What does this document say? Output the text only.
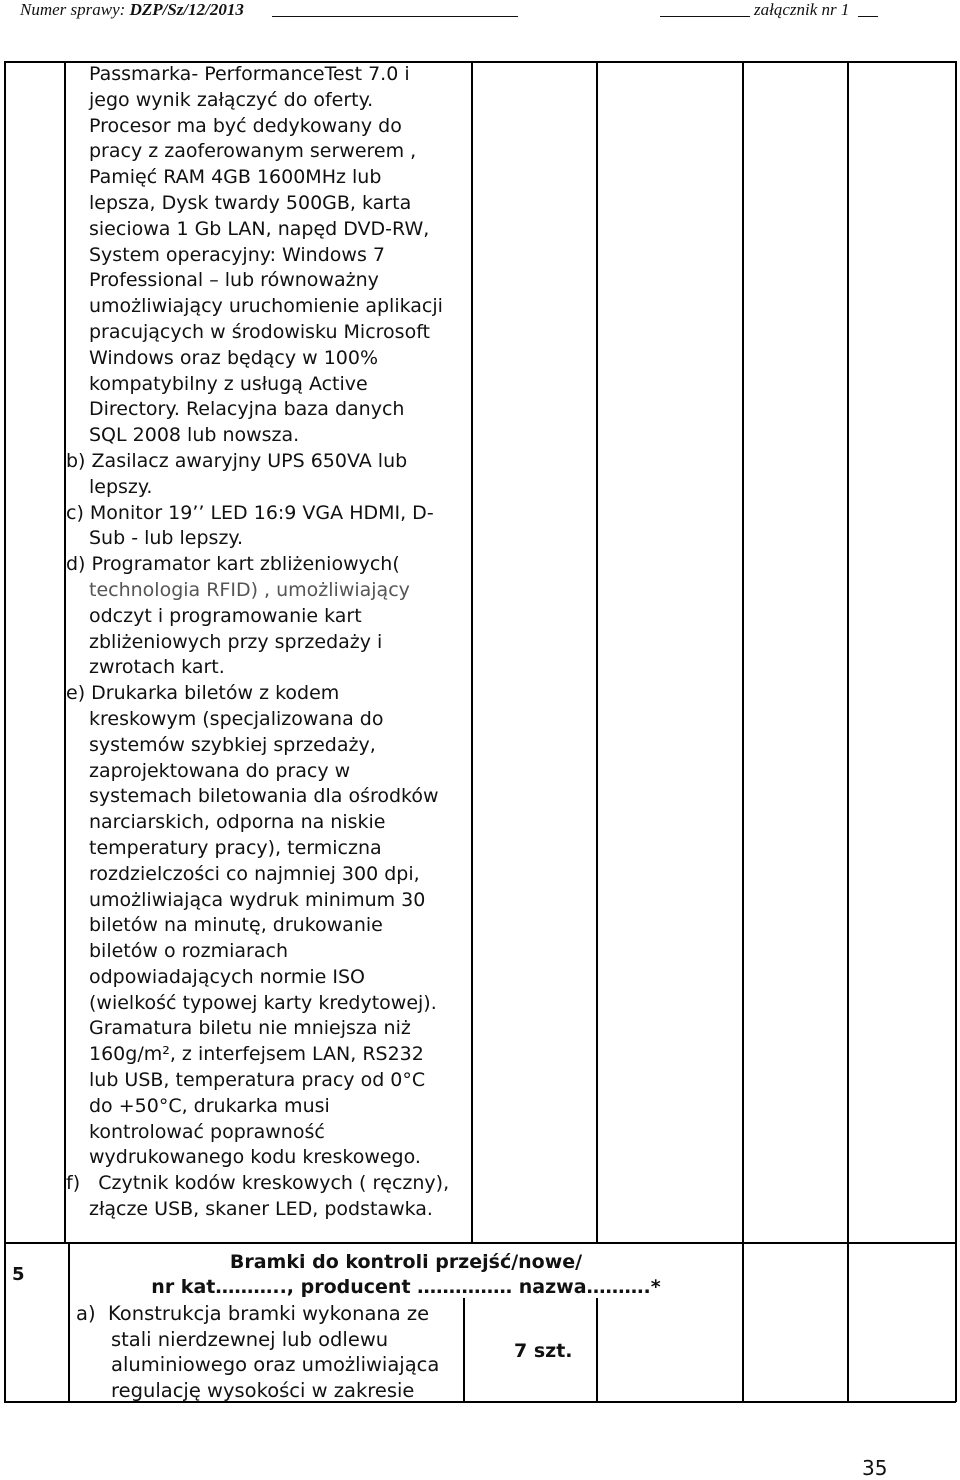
Numer sprawy: DZP/Sz/12/2013	załącznik nr 1

Passmarka- PerformanceTest 7.0 i

jego wynik załączyć do oferty.

Procesor ma być dedykowany do

pracy z zaoferowanym serwerem ,

Pamięć RAM 4GB 1600MHz lub

lepsza, Dysk twardy 500GB, karta

sieciowa 1 Gb LAN, napęd DVD-RW,

System operacyjny: Windows 7

Professional – lub równoważny

umożliwiający uruchomienie aplikacji

pracujących w środowisku Microsoft

Windows oraz będący w 100%

kompatybilny z usługą Active

Directory. Relacyjna baza danych

SQL 2008 lub nowsza.

b) Zasilacz awaryjny UPS 650VA lub

lepszy.

c) Monitor 19’’ LED 16:9 VGA HDMI, D-

Sub - lub lepszy.

d) Programator kart zbliżeniowych(

technologia RFID) , umożliwiający

odczyt i programowanie kart

zbliżeniowych przy sprzedaży i

zwrotach kart.

e) Drukarka biletów z kodem

kreskowym (specjalizowana do

systemów szybkiej sprzedaży,

zaprojektowana do pracy w

systemach biletowania dla ośrodków

narciarskich, odporna na niskie

temperatury pracy), termiczna

rozdzielczości co najmniej 300 dpi,

umożliwiająca wydruk minimum 30

biletów na minutę, drukowanie

biletów o rozmiarach

odpowiadających normie ISO

(wielkość typowej karty kredytowej).

Gramatura biletu nie mniejsza niż

160g/m², z interfejsem LAN, RS232

lub USB, temperatura pracy od 0°C

do +50°C, drukarka musi

kontrolować poprawność

wydrukowanego kodu kreskowego.

f) Czytnik kodów kreskowych ( ręczny),

złącze USB, skaner LED, podstawka.

5
Bramki do kontroli przejść/nowe/
nr kat……….., producent …………… nazwa……….*

a) Konstrukcja bramki wykonana ze

stali nierdzewnej lub odlewu

aluminiowego oraz umożliwiająca

regulację wysokości w zakresie

7 szt.
35
